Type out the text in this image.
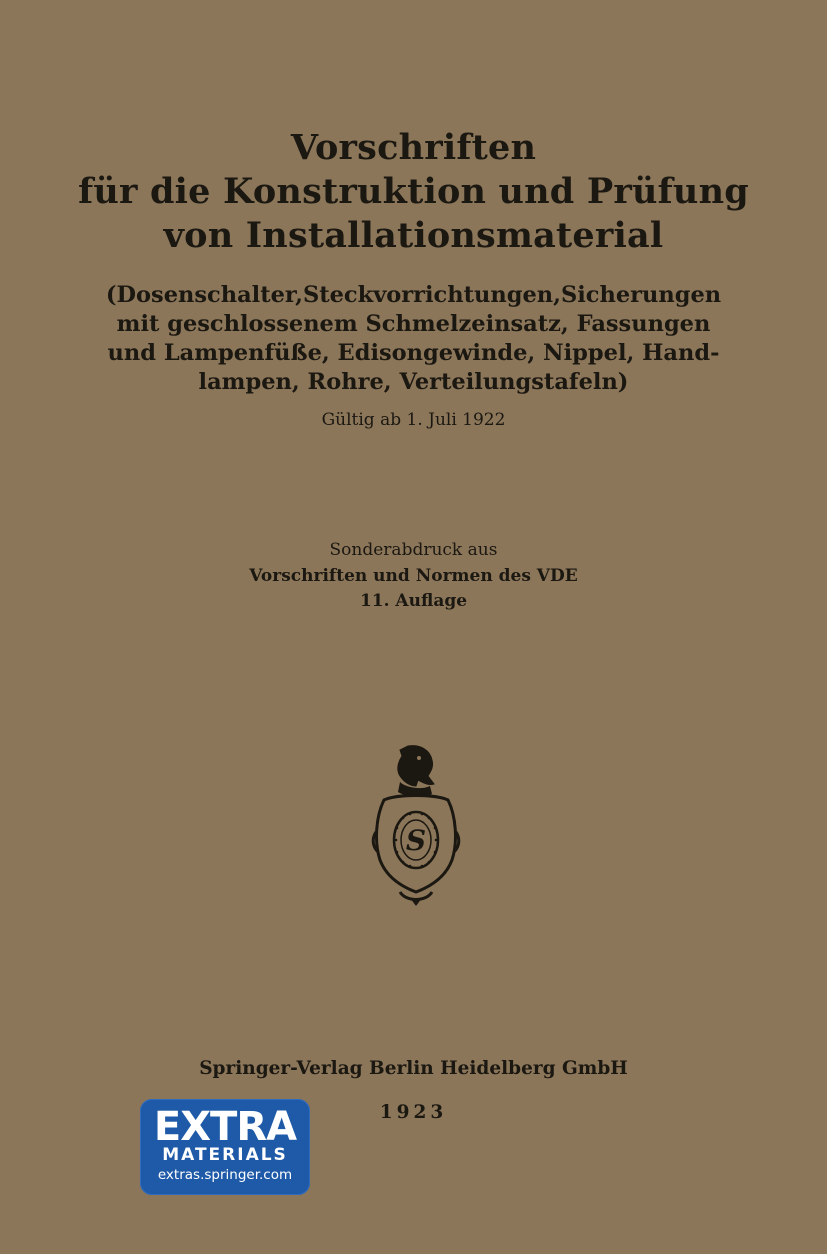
Vorschriften
für die Konstruktion und Prüfung
von Installationsmaterial
(Dosenschalter,Steckvorrichtungen,Sicherungen
mit geschlossenem Schmelzeinsatz, Fassungen
und Lampenfüße, Edisongewinde, Nippel, Hand-
lampen, Rohre, Verteilungstafeln)
Gültig ab 1. Juli 1922
Sonderabdruck aus
Vorschriften und Normen des VDE
11. Auflage
S
Springer-Verlag Berlin Heidelberg GmbH
1923
EXTRA
MATERIALS
extras.springer.com
